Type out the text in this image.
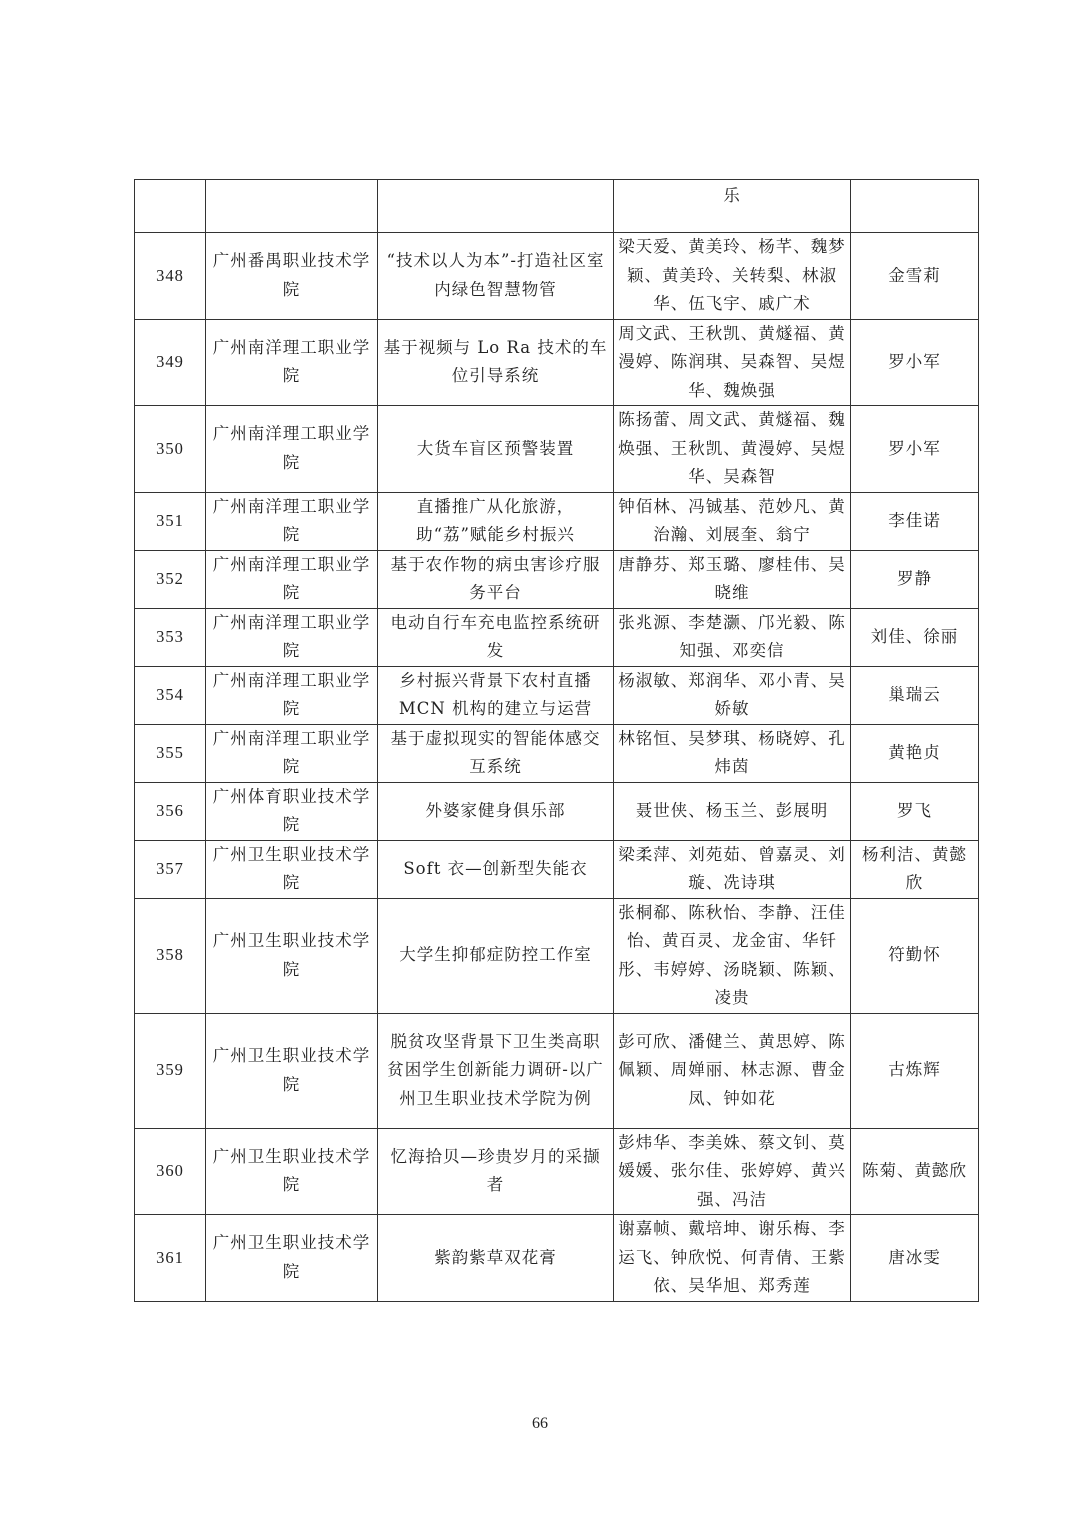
			乐	
348	广州番禺职业技术学院	“技术以人为本”-打造社区室内绿色智慧物管	梁天爱、黄美玲、杨芊、魏梦颖、黄美玲、关转梨、林淑华、伍飞宇、戚广术	金雪莉
349	广州南洋理工职业学院	基于视频与 Lo Ra 技术的车位引导系统	周文武、王秋凯、黄燧福、黄漫婷、陈润琪、吴森智、吴煜华、魏焕强	罗小军
350	广州南洋理工职业学院	大货车盲区预警装置	陈扬蕾、周文武、黄燧福、魏焕强、王秋凯、黄漫婷、吴煜华、吴森智	罗小军
351	广州南洋理工职业学院	直播推广从化旅游，助“荔”赋能乡村振兴	钟佰林、冯铖基、范妙凡、黄治瀚、刘展奎、翁宁	李佳诺
352	广州南洋理工职业学院	基于农作物的病虫害诊疗服务平台	唐静芬、郑玉璐、廖桂伟、吴晓维	罗静
353	广州南洋理工职业学院	电动自行车充电监控系统研发	张兆源、李楚灏、邝光毅、陈知强、邓奕信	刘佳、徐丽
354	广州南洋理工职业学院	乡村振兴背景下农村直播 MCN 机构的建立与运营	杨淑敏、郑润华、邓小青、吴娇敏	巢瑞云
355	广州南洋理工职业学院	基于虚拟现实的智能体感交互系统	林铭恒、吴梦琪、杨晓婷、孔炜茵	黄艳贞
356	广州体育职业技术学院	外婆家健身俱乐部	聂世侠、杨玉兰、彭展明	罗飞
357	广州卫生职业技术学院	Soft 衣—创新型失能衣	梁柔萍、刘苑茹、曾嘉灵、刘璇、冼诗琪	杨利洁、黄懿欣
358	广州卫生职业技术学院	大学生抑郁症防控工作室	张桐郗、陈秋怡、李静、汪佳怡、黄百灵、龙金宙、华钎彤、韦婷婷、汤晓颖、陈颖、凌贵	符勤怀
359	广州卫生职业技术学院	脱贫攻坚背景下卫生类高职贫困学生创新能力调研-以广州卫生职业技术学院为例	彭可欣、潘健兰、黄思婷、陈佩颖、周婵丽、林志源、曹金凤、钟如花	古炼辉
360	广州卫生职业技术学院	忆海拾贝—珍贵岁月的采撷者	彭炜华、李美姝、蔡文钊、莫媛媛、张尔佳、张婷婷、黄兴强、冯洁	陈菊、黄懿欣
361	广州卫生职业技术学院	紫韵紫草双花膏	谢嘉帧、戴培坤、谢乐梅、李运飞、钟欣悦、何青倩、王紫依、吴华旭、郑秀莲	唐冰雯
66
